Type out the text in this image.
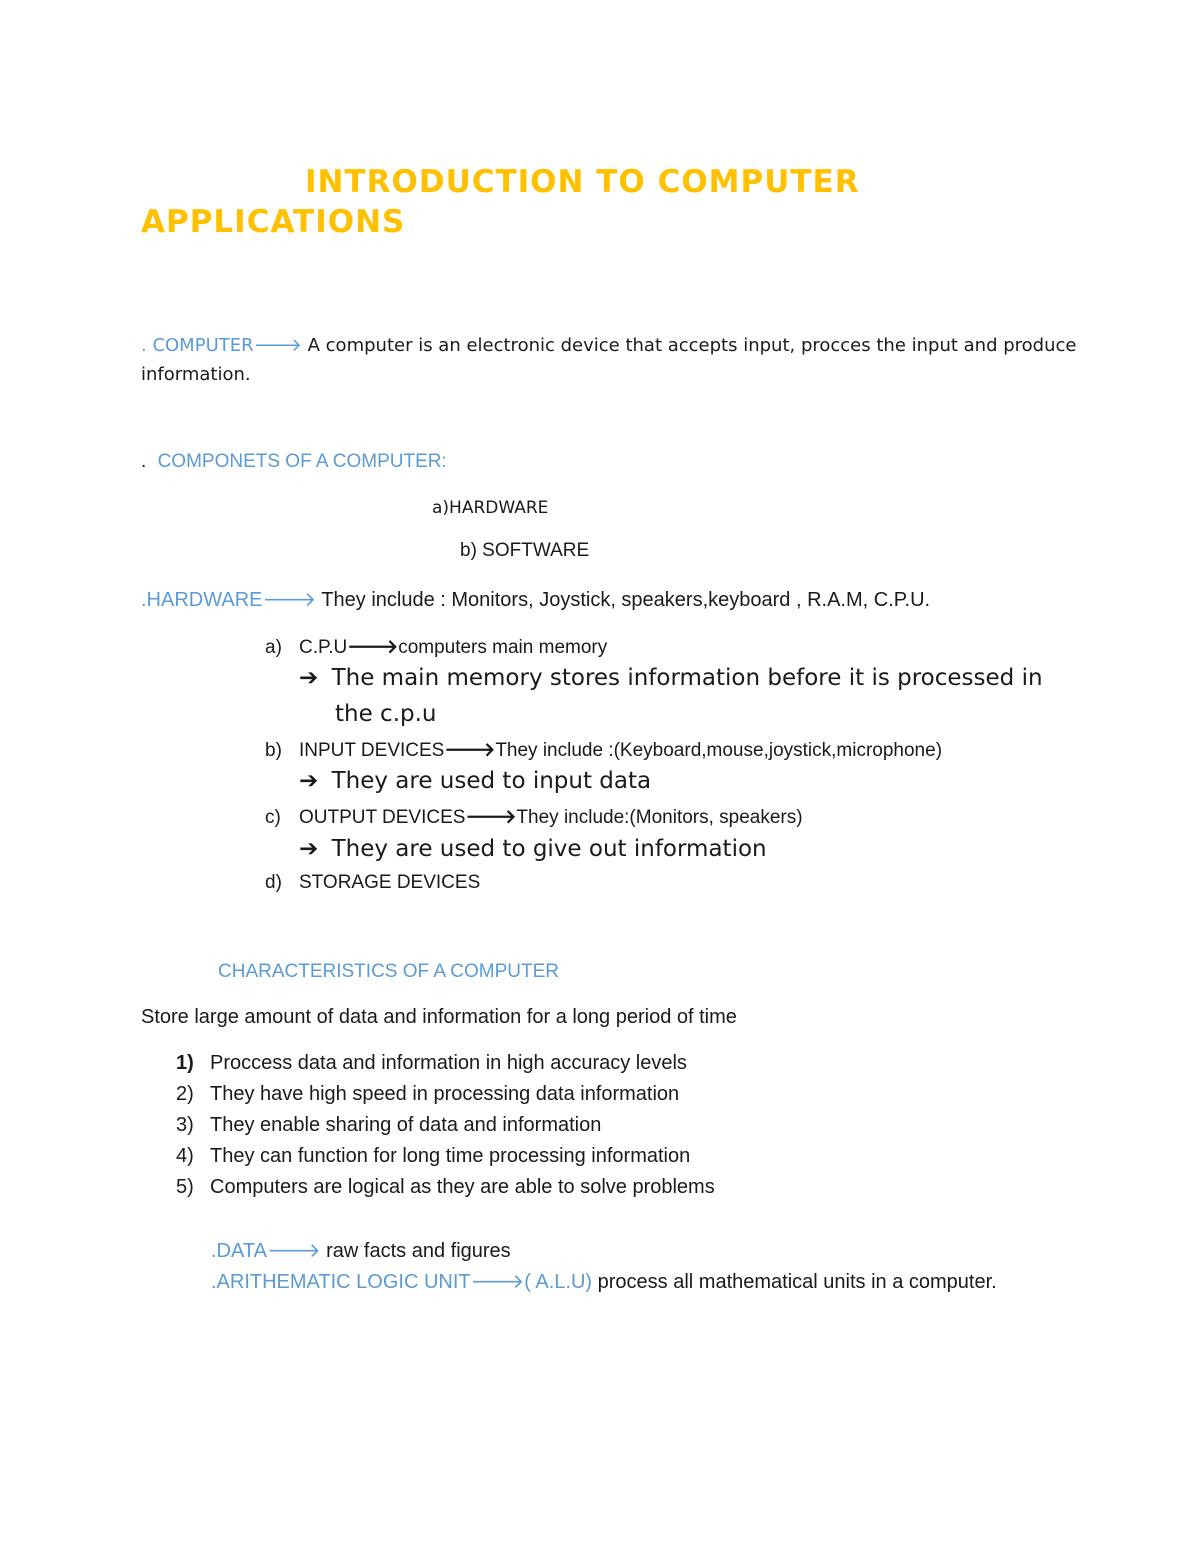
INTRODUCTION TO COMPUTER
APPLICATIONS
. COMPUTER🡒 A computer is an electronic device that accepts input, procces the input and produce
information.
. COMPONETS OF A COMPUTER:
a)HARDWARE
b) SOFTWARE
.HARDWARE🡒 They include : Monitors, Joystick, speakers,keyboard , R.A.M, C.P.U.
a) C.P.U🡒computers main memory
➔ The main memory stores information before it is processed in
the c.p.u
b) INPUT DEVICES🡒They include :(Keyboard,mouse,joystick,microphone)
➔ They are used to input data
c) OUTPUT DEVICES🡒They include:(Monitors, speakers)
➔ They are used to give out information
d) STORAGE DEVICES
CHARACTERISTICS OF A COMPUTER
Store large amount of data and information for a long period of time
1) Proccess data and information in high accuracy levels
2) They have high speed in processing data information
3) They enable sharing of data and information
4) They can function for long time processing information
5) Computers are logical as they are able to solve problems
.DATA🡒 raw facts and figures
.ARITHEMATIC LOGIC UNIT🡒( A.L.U) process all mathematical units in a computer.
